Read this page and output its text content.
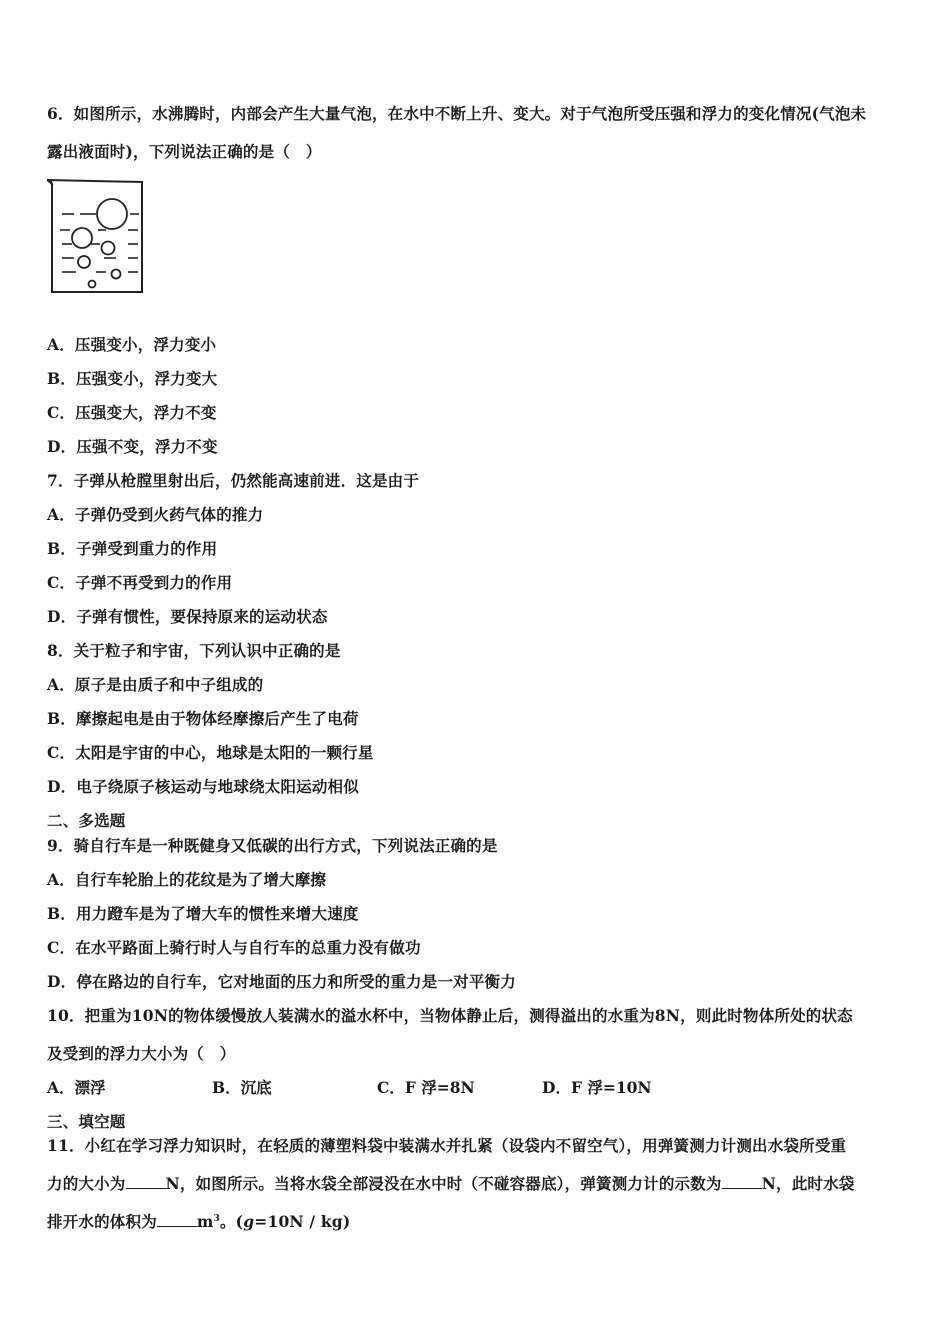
6．如图所示，水沸腾时，内部会产生大量气泡，在水中不断上升、变大。对于气泡所受压强和浮力的变化情况(气泡未
露出液面时)，下列说法正确的是（　）
A．压强变小，浮力变小
B．压强变小，浮力变大
C．压强变大，浮力不变
D．压强不变，浮力不变
7．子弹从枪膛里射出后，仍然能高速前进．这是由于
A．子弹仍受到火药气体的推力
B．子弹受到重力的作用
C．子弹不再受到力的作用
D．子弹有惯性，要保持原来的运动状态
8．关于粒子和宇宙，下列认识中正确的是
A．原子是由质子和中子组成的
B．摩擦起电是由于物体经摩擦后产生了电荷
C．太阳是宇宙的中心，地球是太阳的一颗行星
D．电子绕原子核运动与地球绕太阳运动相似
二、多选题
9．骑自行车是一种既健身又低碳的出行方式，下列说法正确的是
A．自行车轮胎上的花纹是为了增大摩擦
B．用力蹬车是为了增大车的惯性来增大速度
C．在水平路面上骑行时人与自行车的总重力没有做功
D．停在路边的自行车，它对地面的压力和所受的重力是一对平衡力
10．把重为10N的物体缓慢放人装满水的溢水杯中，当物体静止后，测得溢出的水重为8N，则此时物体所处的状态
及受到的浮力大小为（　）
A．漂浮	B．沉底	C．F 浮=8N	D．F 浮=10N
三、填空题
11．小红在学习浮力知识时，在轻质的薄塑料袋中装满水并扎紧（设袋内不留空气），用弹簧测力计测出水袋所受重
力的大小为	N，如图所示。当将水袋全部浸没在水中时（不碰容器底），弹簧测力计的示数为	N，此时水袋
排开水的体积为	$m^3$。(g=10N / kg)
